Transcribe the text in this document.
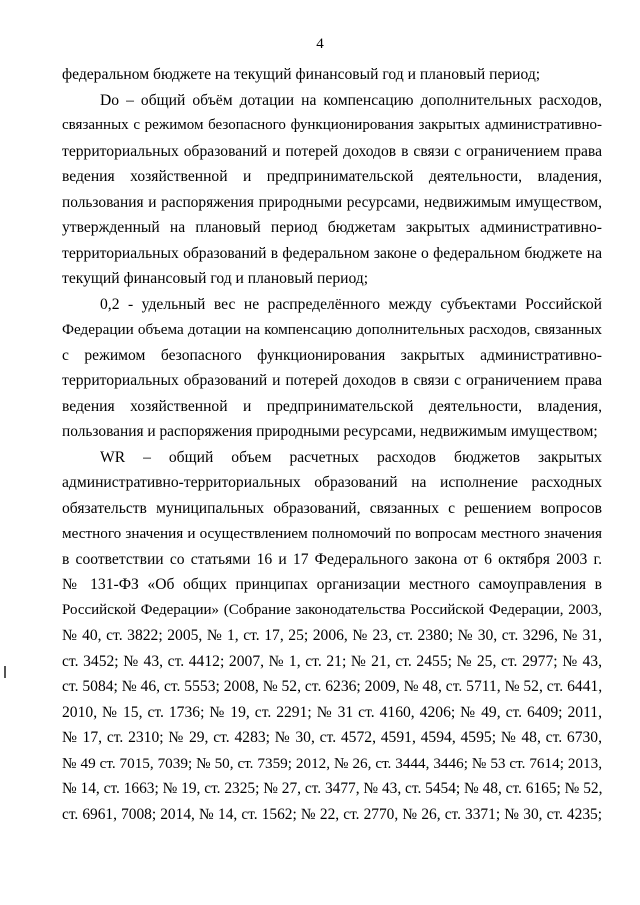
4
федеральном бюджете на текущий финансовый год и плановый период;
Do – общий объём дотации на компенсацию дополнительных расходов,
связанных с режимом безопасного функционирования закрытых административно-
территориальных образований и потерей доходов в связи с ограничением права
ведения хозяйственной и предпринимательской деятельности, владения,
пользования и распоряжения природными ресурсами, недвижимым имуществом,
утвержденный на плановый период бюджетам закрытых административно-
территориальных образований в федеральном законе о федеральном бюджете на
текущий финансовый год и плановый период;
0,2 - удельный вес не распределённого между субъектами Российской
Федерации объема дотации на компенсацию дополнительных расходов, связанных
с режимом безопасного функционирования закрытых административно-
территориальных образований и потерей доходов в связи с ограничением права
ведения хозяйственной и предпринимательской деятельности, владения,
пользования и распоряжения природными ресурсами, недвижимым имуществом;
WR – общий объем расчетных расходов бюджетов закрытых
административно-территориальных образований на исполнение расходных
обязательств муниципальных образований, связанных с решением вопросов
местного значения и осуществлением полномочий по вопросам местного значения
в соответствии со статьями 16 и 17 Федерального закона от 6 октября 2003 г.
№ 131-ФЗ «Об общих принципах организации местного самоуправления в
Российской Федерации» (Собрание законодательства Российской Федерации, 2003,
№ 40, ст. 3822; 2005, № 1, ст. 17, 25; 2006, № 23, ст. 2380; № 30, ст. 3296, № 31,
ст. 3452; № 43, ст. 4412; 2007, № 1, ст. 21; № 21, ст. 2455; № 25, ст. 2977; № 43,
ст. 5084; № 46, ст. 5553; 2008, № 52, ст. 6236; 2009, № 48, ст. 5711, № 52, ст. 6441,
2010, № 15, ст. 1736; № 19, ст. 2291; № 31 ст. 4160, 4206; № 49, ст. 6409; 2011,
№ 17, ст. 2310; № 29, ст. 4283; № 30, ст. 4572, 4591, 4594, 4595; № 48, ст. 6730,
№ 49 ст. 7015, 7039; № 50, ст. 7359; 2012, № 26, ст. 3444, 3446; № 53 ст. 7614; 2013,
№ 14, ст. 1663; № 19, ст. 2325; № 27, ст. 3477, № 43, ст. 5454; № 48, ст. 6165; № 52,
ст. 6961, 7008; 2014, № 14, ст. 1562; № 22, ст. 2770, № 26, ст. 3371; № 30, ст. 4235;
